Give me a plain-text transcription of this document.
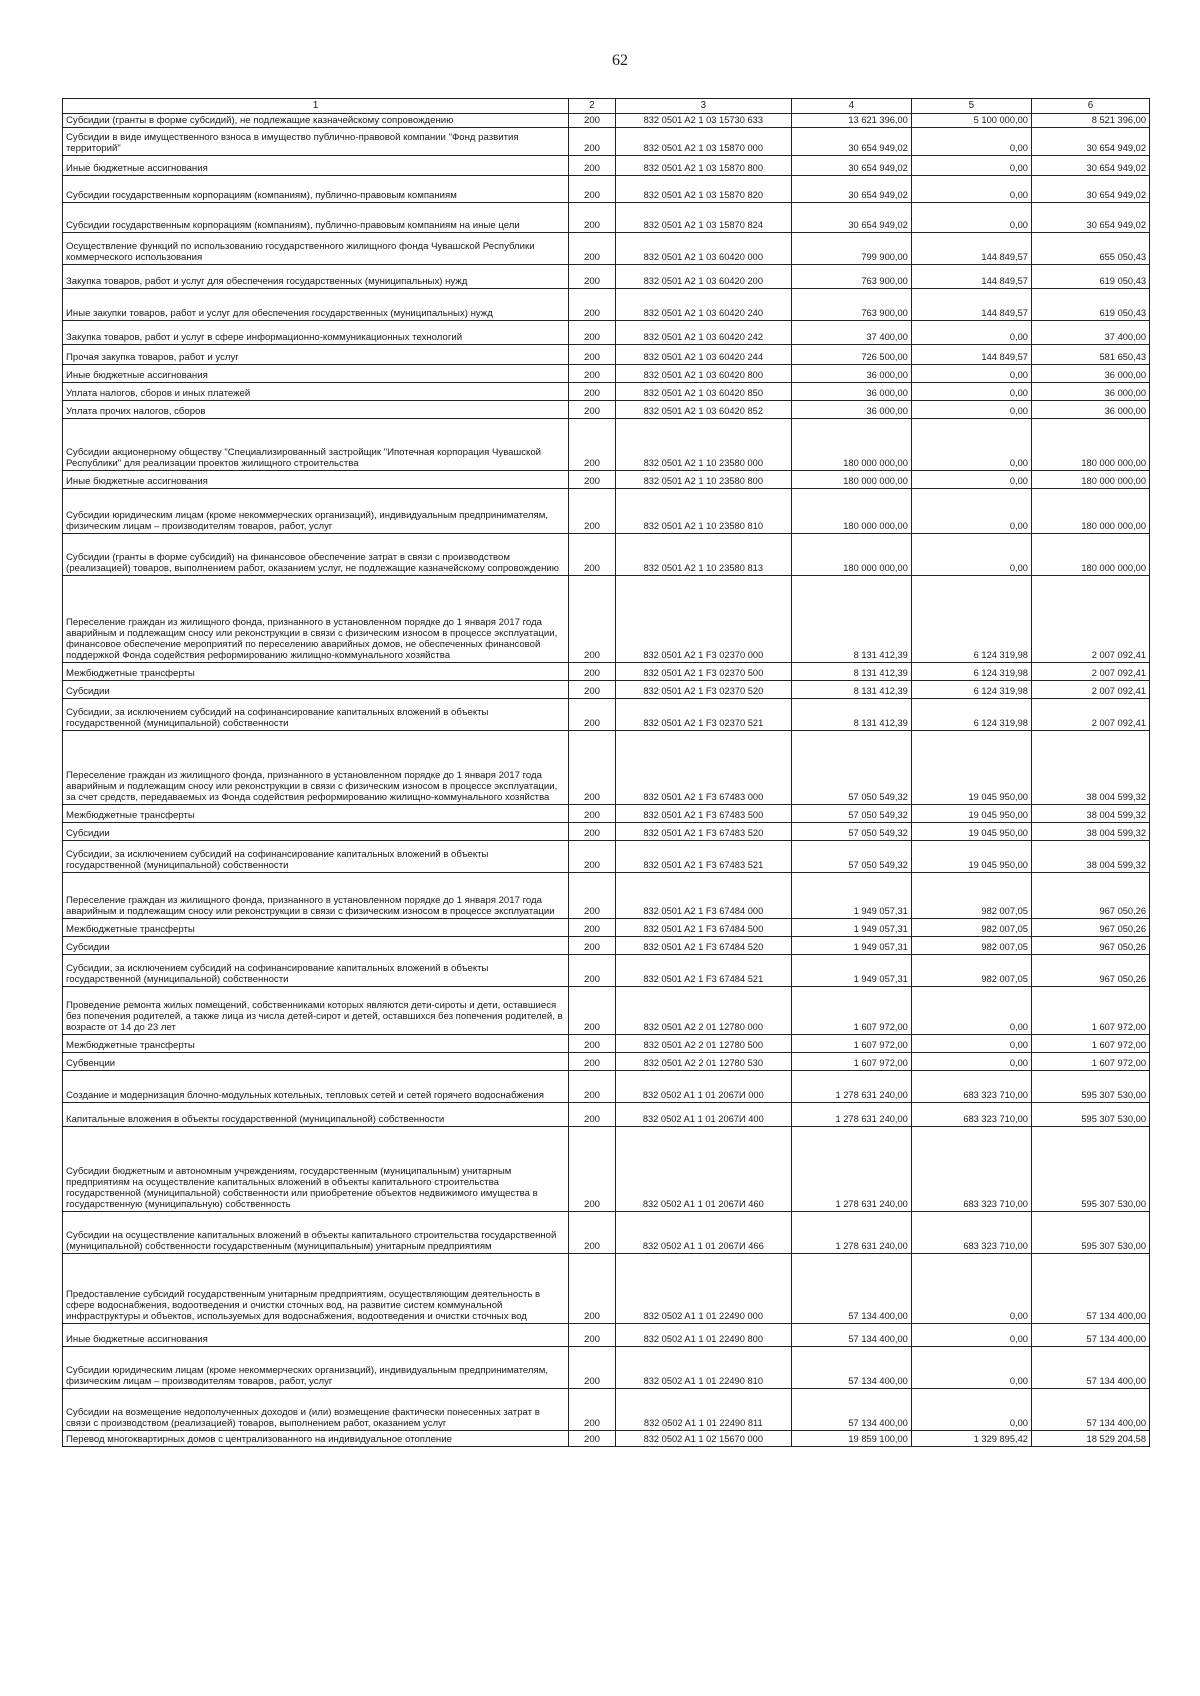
62
1	2	3	4	5	6
Субсидии (гранты в форме субсидий), не подлежащие казначейскому сопровождению	200	832 0501 A2 1 03 15730 633	13 621 396,00	5 100 000,00	8 521 396,00
Субсидии в виде имущественного взноса в имущество публично-правовой компании "Фонд развития территорий"	200	832 0501 A2 1 03 15870 000	30 654 949,02	0,00	30 654 949,02
Иные бюджетные ассигнования	200	832 0501 A2 1 03 15870 800	30 654 949,02	0,00	30 654 949,02
Субсидии государственным корпорациям (компаниям), публично-правовым компаниям	200	832 0501 A2 1 03 15870 820	30 654 949,02	0,00	30 654 949,02
Субсидии государственным корпорациям (компаниям), публично-правовым компаниям на иные цели	200	832 0501 A2 1 03 15870 824	30 654 949,02	0,00	30 654 949,02
Осуществление функций по использованию государственного жилищного фонда Чувашской Республики коммерческого использования	200	832 0501 A2 1 03 60420 000	799 900,00	144 849,57	655 050,43
Закупка товаров, работ и услуг для обеспечения государственных (муниципальных) нужд	200	832 0501 A2 1 03 60420 200	763 900,00	144 849,57	619 050,43
Иные закупки товаров, работ и услуг для обеспечения государственных (муниципальных) нужд	200	832 0501 A2 1 03 60420 240	763 900,00	144 849,57	619 050,43
Закупка товаров, работ и услуг в сфере информационно-коммуникационных технологий	200	832 0501 A2 1 03 60420 242	37 400,00	0,00	37 400,00
Прочая закупка товаров, работ и услуг	200	832 0501 A2 1 03 60420 244	726 500,00	144 849,57	581 650,43
Иные бюджетные ассигнования	200	832 0501 A2 1 03 60420 800	36 000,00	0,00	36 000,00
Уплата налогов, сборов и иных платежей	200	832 0501 A2 1 03 60420 850	36 000,00	0,00	36 000,00
Уплата прочих налогов, сборов	200	832 0501 A2 1 03 60420 852	36 000,00	0,00	36 000,00
Субсидии акционерному обществу "Специализированный застройщик "Ипотечная корпорация Чувашской Республики" для реализации проектов жилищного строительства	200	832 0501 A2 1 10 23580 000	180 000 000,00	0,00	180 000 000,00
Иные бюджетные ассигнования	200	832 0501 A2 1 10 23580 800	180 000 000,00	0,00	180 000 000,00
Субсидии юридическим лицам (кроме некоммерческих организаций), индивидуальным предпринимателям, физическим лицам – производителям товаров, работ, услуг	200	832 0501 A2 1 10 23580 810	180 000 000,00	0,00	180 000 000,00
Субсидии (гранты в форме субсидий) на финансовое обеспечение затрат в связи с производством (реализацией) товаров, выполнением работ, оказанием услуг, не подлежащие казначейскому сопровождению	200	832 0501 A2 1 10 23580 813	180 000 000,00	0,00	180 000 000,00
Переселение граждан из жилищного фонда, признанного в установленном порядке до 1 января 2017 года аварийным и подлежащим сносу или реконструкции в связи с физическим износом в процессе эксплуатации, финансовое обеспечение мероприятий по переселению аварийных домов, не обеспеченных финансовой поддержкой Фонда содействия реформированию жилищно-коммунального хозяйства	200	832 0501 A2 1 F3 02370 000	8 131 412,39	6 124 319,98	2 007 092,41
Межбюджетные трансферты	200	832 0501 A2 1 F3 02370 500	8 131 412,39	6 124 319,98	2 007 092,41
Субсидии	200	832 0501 A2 1 F3 02370 520	8 131 412,39	6 124 319,98	2 007 092,41
Субсидии, за исключением субсидий на софинансирование капитальных вложений в объекты государственной (муниципальной) собственности	200	832 0501 A2 1 F3 02370 521	8 131 412,39	6 124 319,98	2 007 092,41
Переселение граждан из жилищного фонда, признанного в установленном порядке до 1 января 2017 года аварийным и подлежащим сносу или реконструкции в связи с физическим износом в процессе эксплуатации, за счет средств, передаваемых из Фонда содействия реформированию жилищно-коммунального хозяйства	200	832 0501 A2 1 F3 67483 000	57 050 549,32	19 045 950,00	38 004 599,32
Межбюджетные трансферты	200	832 0501 A2 1 F3 67483 500	57 050 549,32	19 045 950,00	38 004 599,32
Субсидии	200	832 0501 A2 1 F3 67483 520	57 050 549,32	19 045 950,00	38 004 599,32
Субсидии, за исключением субсидий на софинансирование капитальных вложений в объекты государственной (муниципальной) собственности	200	832 0501 A2 1 F3 67483 521	57 050 549,32	19 045 950,00	38 004 599,32
Переселение граждан из жилищного фонда, признанного в установленном порядке до 1 января 2017 года аварийным и подлежащим сносу или реконструкции в связи с физическим износом в процессе эксплуатации	200	832 0501 A2 1 F3 67484 000	1 949 057,31	982 007,05	967 050,26
Межбюджетные трансферты	200	832 0501 A2 1 F3 67484 500	1 949 057,31	982 007,05	967 050,26
Субсидии	200	832 0501 A2 1 F3 67484 520	1 949 057,31	982 007,05	967 050,26
Субсидии, за исключением субсидий на софинансирование капитальных вложений в объекты государственной (муниципальной) собственности	200	832 0501 A2 1 F3 67484 521	1 949 057,31	982 007,05	967 050,26
Проведение ремонта жилых помещений, собственниками которых являются дети-сироты и дети, оставшиеся без попечения родителей, а также лица из числа детей-сирот и детей, оставшихся без попечения родителей, в возрасте от 14 до 23 лет	200	832 0501 A2 2 01 12780 000	1 607 972,00	0,00	1 607 972,00
Межбюджетные трансферты	200	832 0501 A2 2 01 12780 500	1 607 972,00	0,00	1 607 972,00
Субвенции	200	832 0501 A2 2 01 12780 530	1 607 972,00	0,00	1 607 972,00
Создание и модернизация блочно-модульных котельных, тепловых сетей и сетей горячего водоснабжения	200	832 0502 A1 1 01 2067И 000	1 278 631 240,00	683 323 710,00	595 307 530,00
Капитальные вложения в объекты государственной (муниципальной) собственности	200	832 0502 A1 1 01 2067И 400	1 278 631 240,00	683 323 710,00	595 307 530,00
Субсидии бюджетным и автономным учреждениям, государственным (муниципальным) унитарным предприятиям на осуществление капитальных вложений в объекты капитального строительства государственной (муниципальной) собственности или приобретение объектов недвижимого имущества в государственную (муниципальную) собственность	200	832 0502 A1 1 01 2067И 460	1 278 631 240,00	683 323 710,00	595 307 530,00
Субсидии на осуществление капитальных вложений в объекты капитального строительства государственной (муниципальной) собственности государственным (муниципальным) унитарным предприятиям	200	832 0502 A1 1 01 2067И 466	1 278 631 240,00	683 323 710,00	595 307 530,00
Предоставление субсидий государственным унитарным предприятиям, осуществляющим деятельность в сфере водоснабжения, водоотведения и очистки сточных вод, на развитие систем коммунальной инфраструктуры и объектов, используемых для водоснабжения, водоотведения и очистки сточных вод	200	832 0502 A1 1 01 22490 000	57 134 400,00	0,00	57 134 400,00
Иные бюджетные ассигнования	200	832 0502 A1 1 01 22490 800	57 134 400,00	0,00	57 134 400,00
Субсидии юридическим лицам (кроме некоммерческих организаций), индивидуальным предпринимателям, физическим лицам – производителям товаров, работ, услуг	200	832 0502 A1 1 01 22490 810	57 134 400,00	0,00	57 134 400,00
Субсидии на возмещение недополученных доходов и (или) возмещение фактически понесенных затрат в связи с производством (реализацией) товаров, выполнением работ, оказанием услуг	200	832 0502 A1 1 01 22490 811	57 134 400,00	0,00	57 134 400,00
Перевод многоквартирных домов с централизованного на индивидуальное отопление	200	832 0502 A1 1 02 15670 000	19 859 100,00	1 329 895,42	18 529 204,58
